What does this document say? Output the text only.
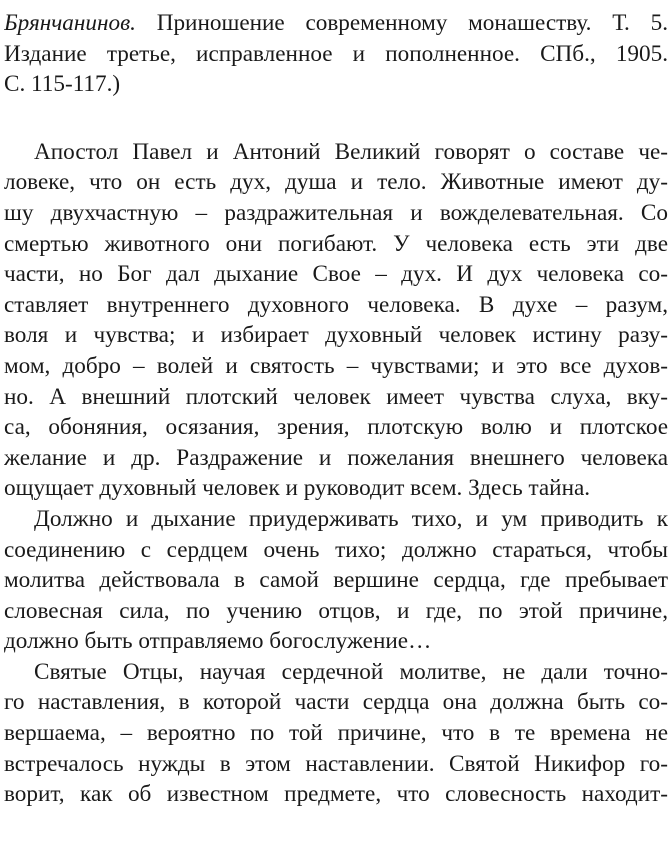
Брянчанинов. Приношение современному монашеству. Т. 5.
Издание третье, исправленное и пополненное. СПб., 1905.
С. 115-117.)
Апостол Павел и Антоний Великий говорят о составе че-
ловеке, что он есть дух, душа и тело. Животные имеют ду-
шу двухчастную – раздражительная и вожделевательная. Со
смертью животного они погибают. У человека есть эти две
части, но Бог дал дыхание Свое – дух. И дух человека со-
ставляет внутреннего духовного человека. В духе – разум,
воля и чувства; и избирает духовный человек истину разу-
мом, добро – волей и святость – чувствами; и это все духов-
но. А внешний плотский человек имеет чувства слуха, вку-
са, обоняния, осязания, зрения, плотскую волю и плотское
желание и др. Раздражение и пожелания внешнего человека
ощущает духовный человек и руководит всем. Здесь тайна.
Должно и дыхание приудерживать тихо, и ум приводить к
соединению с сердцем очень тихо; должно стараться, чтобы
молитва действовала в самой вершине сердца, где пребывает
словесная сила, по учению отцов, и где, по этой причине,
должно быть отправляемо богослужение…
Святые Отцы, научая сердечной молитве, не дали точно-
го наставления, в которой части сердца она должна быть со-
вершаема, – вероятно по той причине, что в те времена не
встречалось нужды в этом наставлении. Святой Никифор го-
ворит, как об известном предмете, что словесность находит-
